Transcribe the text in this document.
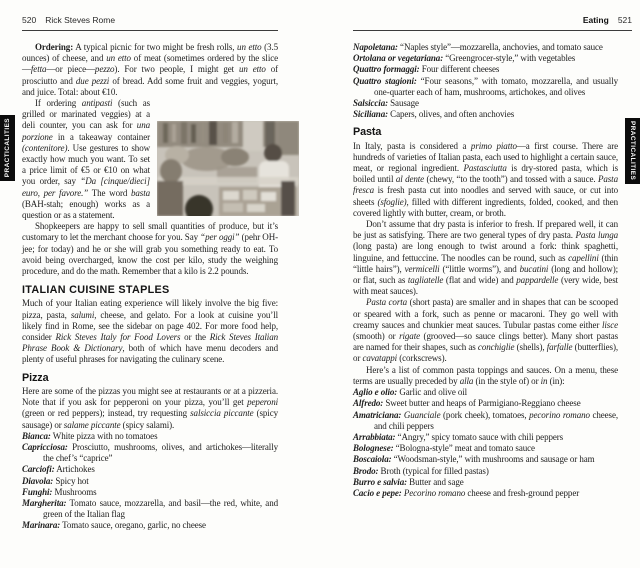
PRACTICALITIES	PRACTICALITIES
520 Rick Steves Rome

Ordering: A typical picnic for two might be fresh rolls, un etto (3.5 ounces) of cheese, and un etto of meat (sometimes ordered by the slice—fetta—or piece—pezzo). For two people, I might get un etto of prosciutto and due pezzi of bread. Add some fruit and veggies, yogurt, and juice. Total: about €10.

If ordering antipasti (such as grilled or marinated veggies) at a deli counter, you can ask for una porzione in a takeaway container (contenitore). Use gestures to show exactly how much you want. To set a price limit of €5 or €10 on what you order, say “Da [cinque/dieci] euro, per favore.” The word basta (BAH-stah; enough) works as a question or as a statement.

Shopkeepers are happy to sell small quantities of produce, but it’s customary to let the merchant choose for you. Say “per oggi” (pehr OH-jee; for today) and he or she will grab you something ready to eat. To avoid being overcharged, know the cost per kilo, study the weighing procedure, and do the math. Remember that a kilo is 2.2 pounds.

ITALIAN CUISINE STAPLES

Much of your Italian eating experience will likely involve the big five: pizza, pasta, salumi, cheese, and gelato. For a look at cuisine you’ll likely find in Rome, see the sidebar on page 402. For more food help, consider Rick Steves Italy for Food Lovers or the Rick Steves Italian Phrase Book & Dictionary, both of which have menu decoders and plenty of useful phrases for navigating the culinary scene.

Pizza

Here are some of the pizzas you might see at restaurants or at a pizzeria. Note that if you ask for pepperoni on your pizza, you’ll get peperoni (green or red peppers); instead, try requesting salsiccia piccante (spicy sausage) or salame piccante (spicy salami).

Bianca: White pizza with no tomatoes
Capricciosa: Prosciutto, mushrooms, olives, and artichokes—literally the chef’s “caprice”
Carciofi: Artichokes
Diavola: Spicy hot
Funghi: Mushrooms
Margherita: Tomato sauce, mozzarella, and basil—the red, white, and green of the Italian flag
Marinara: Tomato sauce, oregano, garlic, no cheese
Eating 521
Napoletana: “Naples style”—mozzarella, anchovies, and tomato sauce
Ortolana or vegetariana: “Greengrocer-style,” with vegetables
Quattro formaggi: Four different cheeses
Quattro stagioni: “Four seasons,” with tomato, mozzarella, and usually one-quarter each of ham, mushrooms, artichokes, and olives
Salsiccia: Sausage
Siciliana: Capers, olives, and often anchovies
Pasta

In Italy, pasta is considered a primo piatto—a first course. There are hundreds of varieties of Italian pasta, each used to highlight a certain sauce, meat, or regional ingredient. Pastasciutta is dry-stored pasta, which is boiled until al dente (chewy, “to the tooth”) and tossed with a sauce. Pasta fresca is fresh pasta cut into noodles and served with sauce, or cut into sheets (sfoglie), filled with different ingredients, folded, cooked, and then covered lightly with butter, cream, or broth.

Don’t assume that dry pasta is inferior to fresh. If prepared well, it can be just as satisfying. There are two general types of dry pasta. Pasta lunga (long pasta) are long enough to twist around a fork: think spaghetti, linguine, and fettuccine. The noodles can be round, such as capellini (thin “little hairs”), vermicelli (“little worms”), and bucatini (long and hollow); or flat, such as tagliatelle (flat and wide) and pappardelle (very wide, best with meat sauces).

Pasta corta (short pasta) are smaller and in shapes that can be scooped or speared with a fork, such as penne or macaroni. They go well with creamy sauces and chunkier meat sauces. Tubular pastas come either lisce (smooth) or rigate (grooved—so sauce clings better). Many short pastas are named for their shapes, such as conchiglie (shells), farfalle (butterflies), or cavatappi (corkscrews).

Here’s a list of common pasta toppings and sauces. On a menu, these terms are usually preceded by alla (in the style of) or in (in):

Aglio e olio: Garlic and olive oil
Alfredo: Sweet butter and heaps of Parmigiano-Reggiano cheese
Amatriciana: Guanciale (pork cheek), tomatoes, pecorino romano cheese, and chili peppers
Arrabbiata: “Angry,” spicy tomato sauce with chili peppers
Bolognese: “Bologna-style” meat and tomato sauce
Boscaiola: “Woodsman-style,” with mushrooms and sausage or ham
Brodo: Broth (typical for filled pastas)
Burro e salvia: Butter and sage
Cacio e pepe: Pecorino romano cheese and fresh-ground pepper
